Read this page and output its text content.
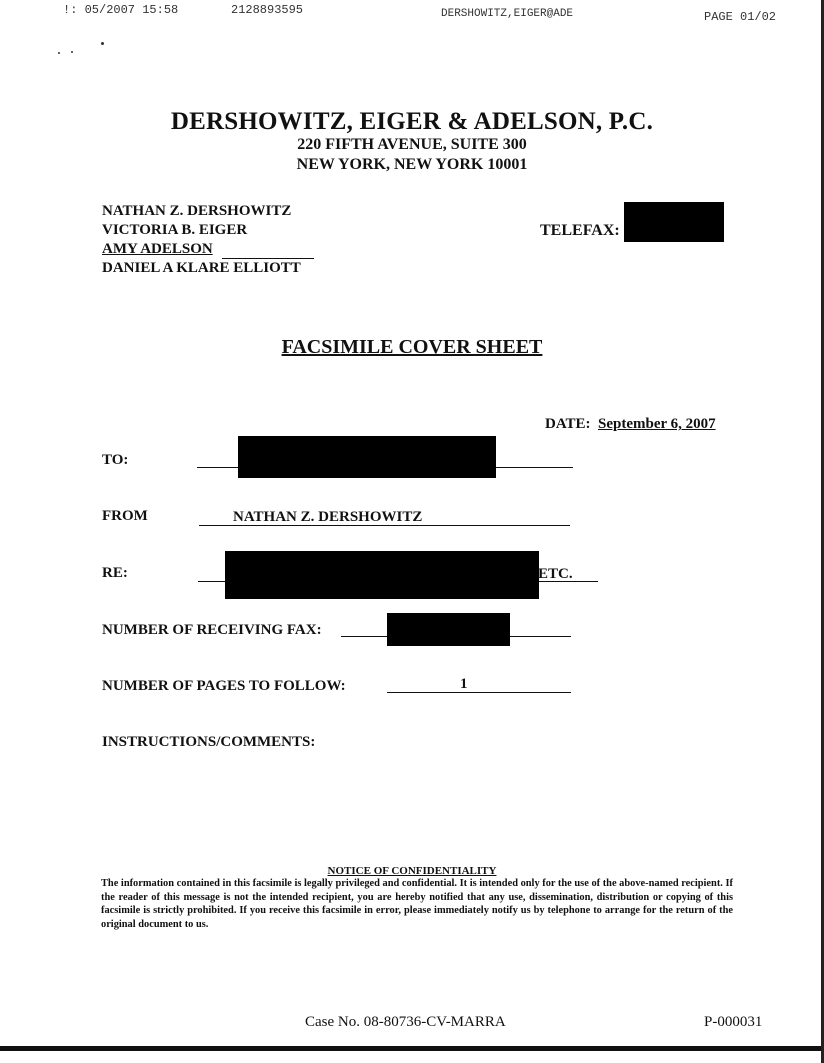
!: 05/2007 15:58	2128893595	DERSHOWITZ,EIGER@ADE	PAGE 01/02
DERSHOWITZ, EIGER & ADELSON, P.C.
220 FIFTH AVENUE, SUITE 300
NEW YORK, NEW YORK 10001
NATHAN Z. DERSHOWITZ
VICTORIA B. EIGER
AMY ADELSON
DANIEL A KLARE ELLIOTT
TELEFAX:
FACSIMILE COVER SHEET
DATE: September 6, 2007
TO:
FROM	NATHAN Z. DERSHOWITZ
RE:	ETC.
NUMBER OF RECEIVING FAX:
NUMBER OF PAGES TO FOLLOW:	1
INSTRUCTIONS/COMMENTS:
NOTICE OF CONFIDENTIALITY
The information contained in this facsimile is legally privileged and confidential. It is intended only for the use of the above-named recipient. If the reader of this message is not the intended recipient, you are hereby notified that any use, dissemination, distribution or copying of this facsimile is strictly prohibited. If you receive this facsimile in error, please immediately notify us by telephone to arrange for the return of the original document to us.
Case No. 08-80736-CV-MARRA	P-000031
